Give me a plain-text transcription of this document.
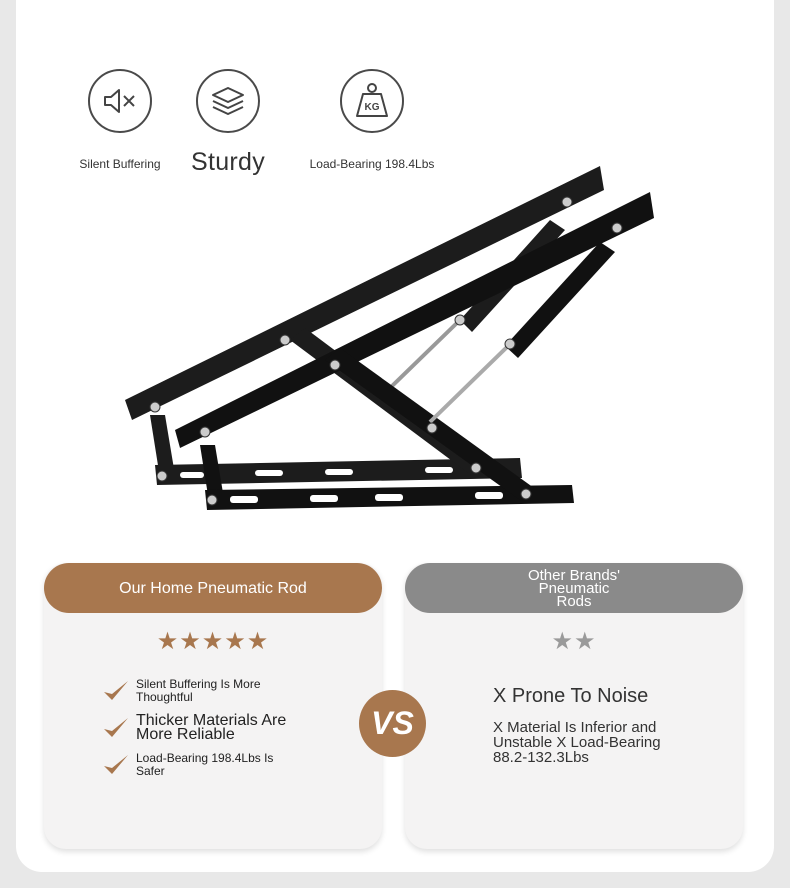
Silent Buffering	Sturdy
KG
Load-Bearing 198.4Lbs
Our Home Pneumatic Rod
★★★★★
Silent Buffering Is More Thoughtful
Thicker Materials Are More Reliable
Load-Bearing 198.4Lbs Is Safer
Other Brands' Pneumatic Rods
★★
X Prone To Noise
X Material Is Inferior and Unstable X Load-Bearing 88.2-132.3Lbs
VS
